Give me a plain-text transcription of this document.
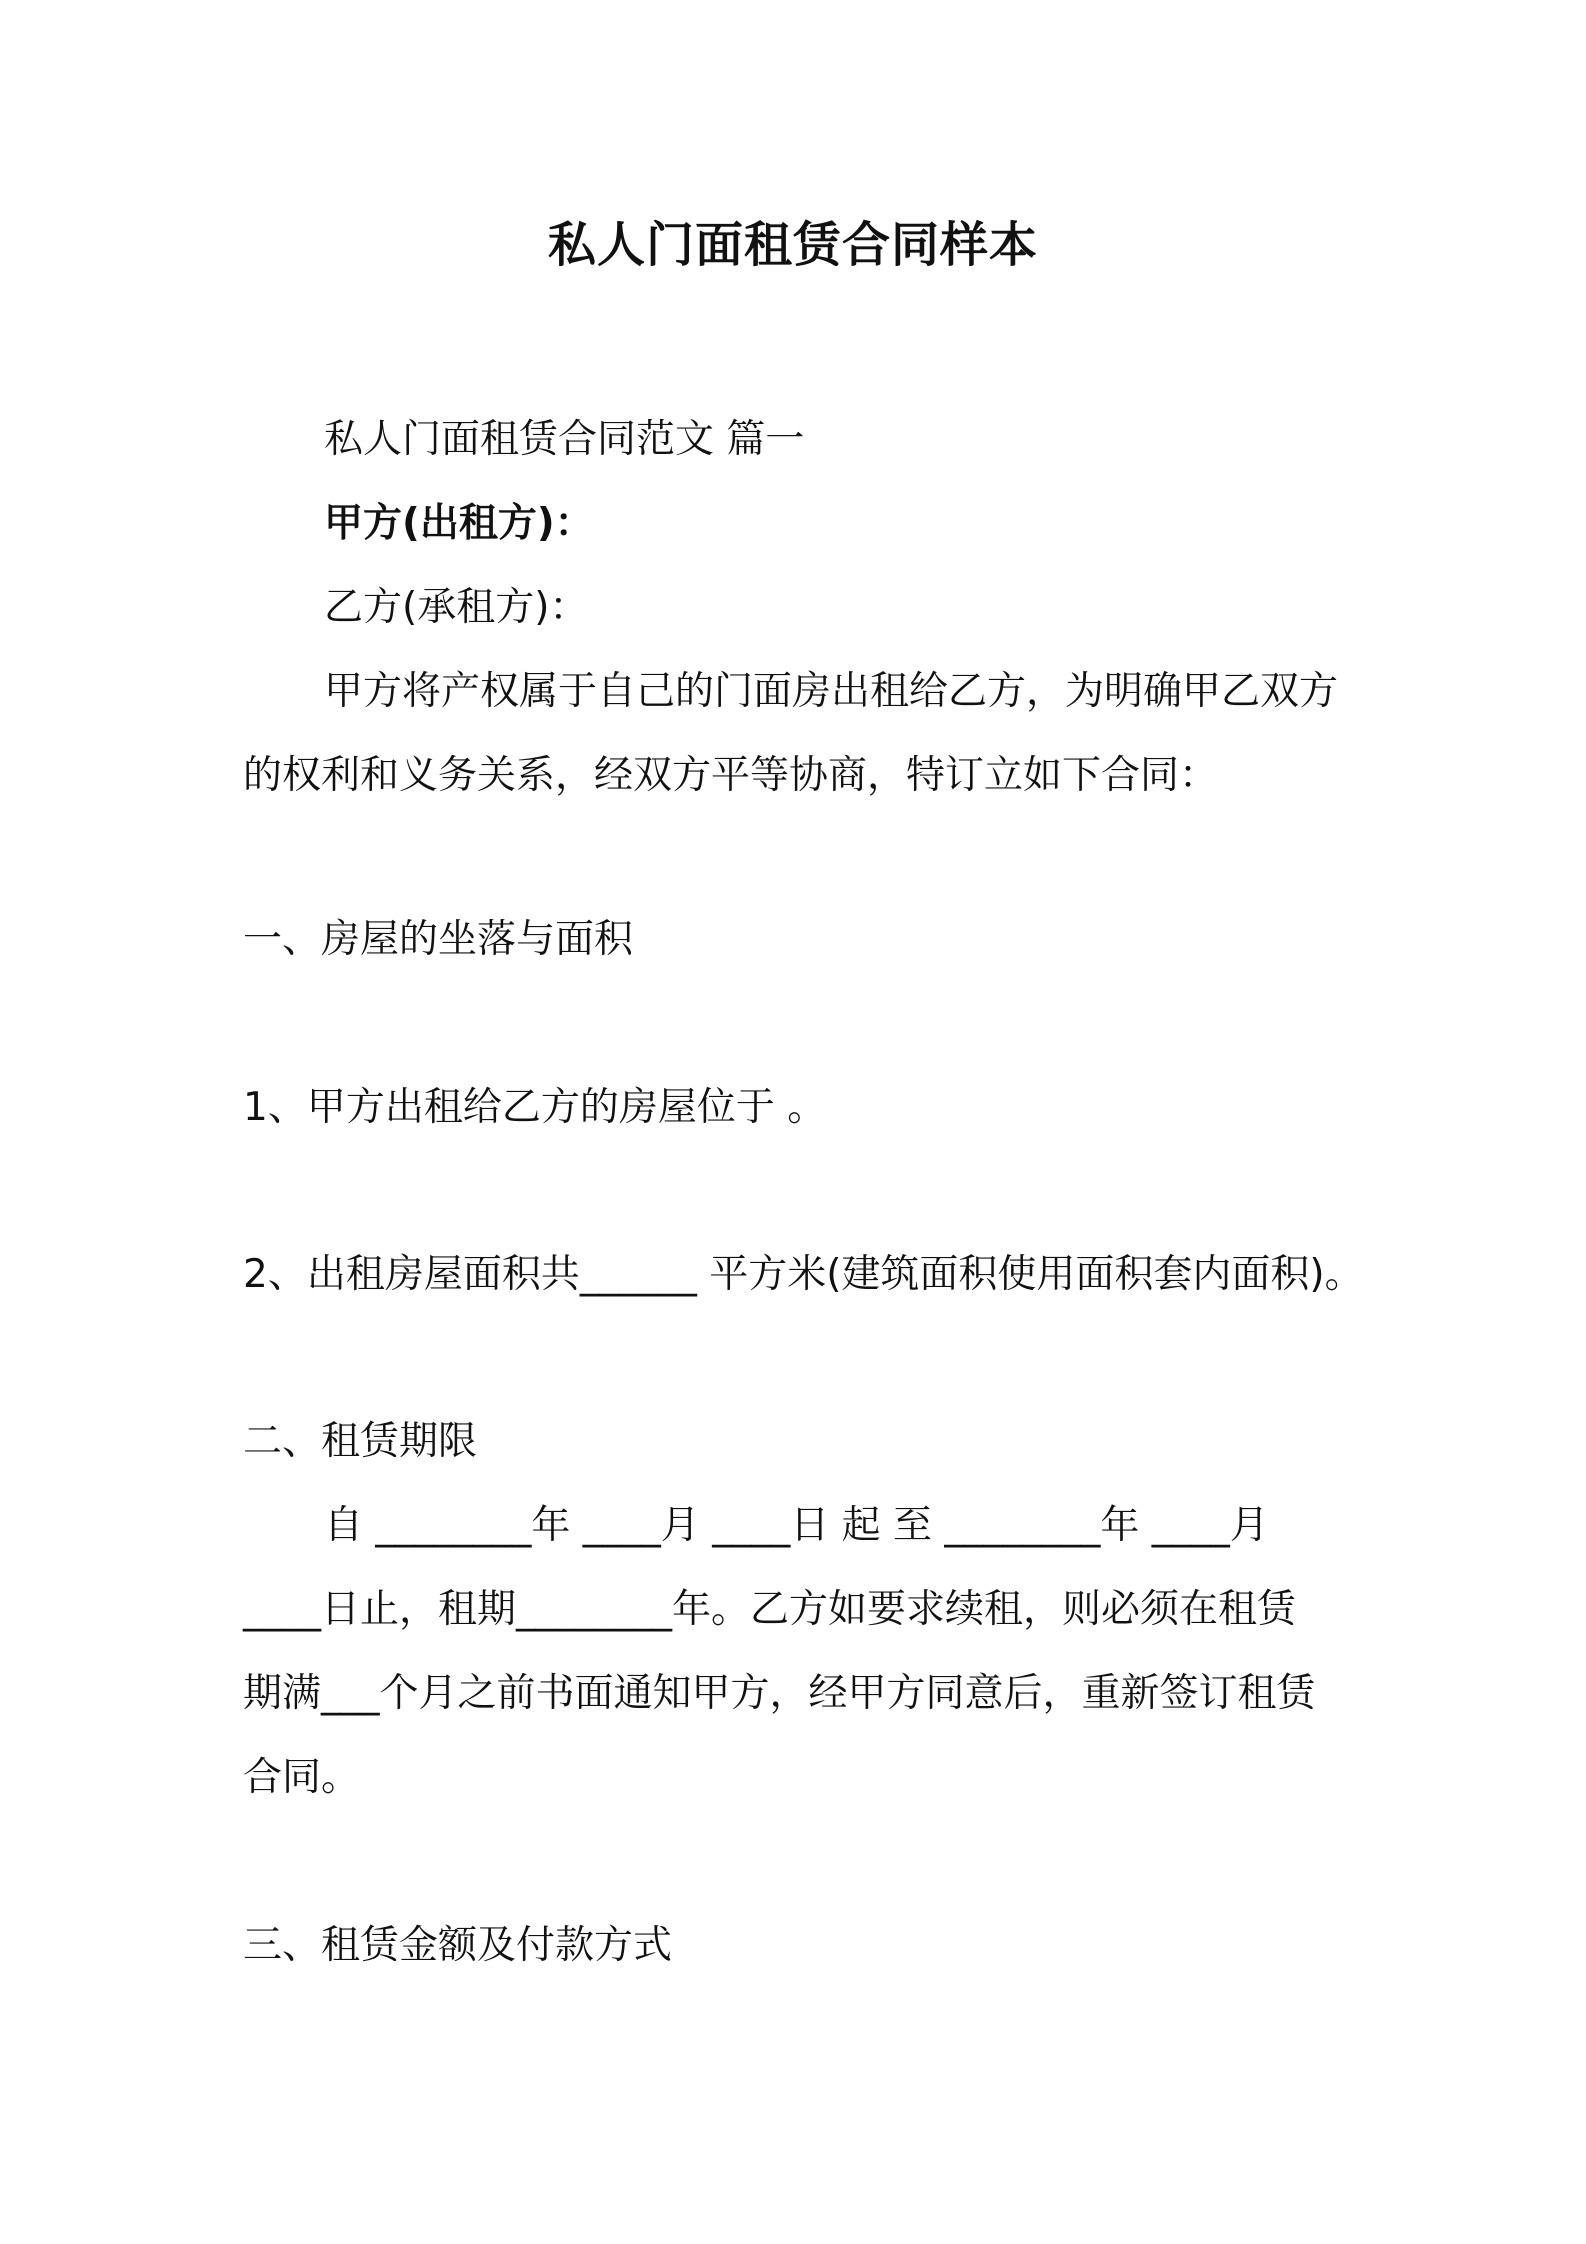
私人门面租赁合同样本
私人门面租赁合同范文 篇一
甲方(出租方)：
乙方(承租方)：
甲方将产权属于自己的门面房出租给乙方，为明确甲乙双方
的权利和义务关系，经双方平等协商，特订立如下合同：
一、房屋的坐落与面积
1、甲方出租给乙方的房屋位于 。
2、出租房屋面积共______ 平方米(建筑面积使用面积套内面积)。
二、租赁期限
自 ________年 ____月 ____日 起 至 ________年 ____月
____日止，租期________年。乙方如要求续租，则必须在租赁
期满___个月之前书面通知甲方，经甲方同意后，重新签订租赁
合同。
三、租赁金额及付款方式
